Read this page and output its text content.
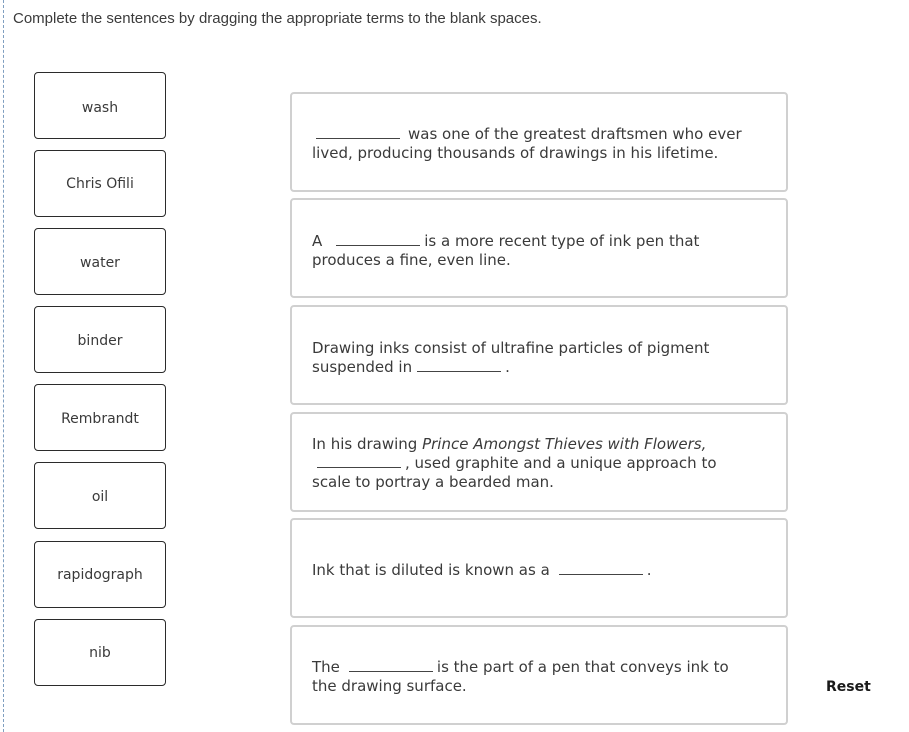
Complete the sentences by dragging the appropriate terms to the blank spaces.
wash
Chris Ofili
water
binder
Rembrandt
oil
rapidograph
nib
was one of the greatest draftsmen who ever lived, producing thousands of drawings in his lifetime.
A	is a more recent type of ink pen that produces a fine, even line.
Drawing inks consist of ultrafine particles of pigment suspended in	.
In his drawing Prince Amongst Thieves with Flowers,, used graphite and a unique approach to scale to portray a bearded man.
Ink that is diluted is known as a	.
The	is the part of a pen that conveys ink to the drawing surface.	Reset
